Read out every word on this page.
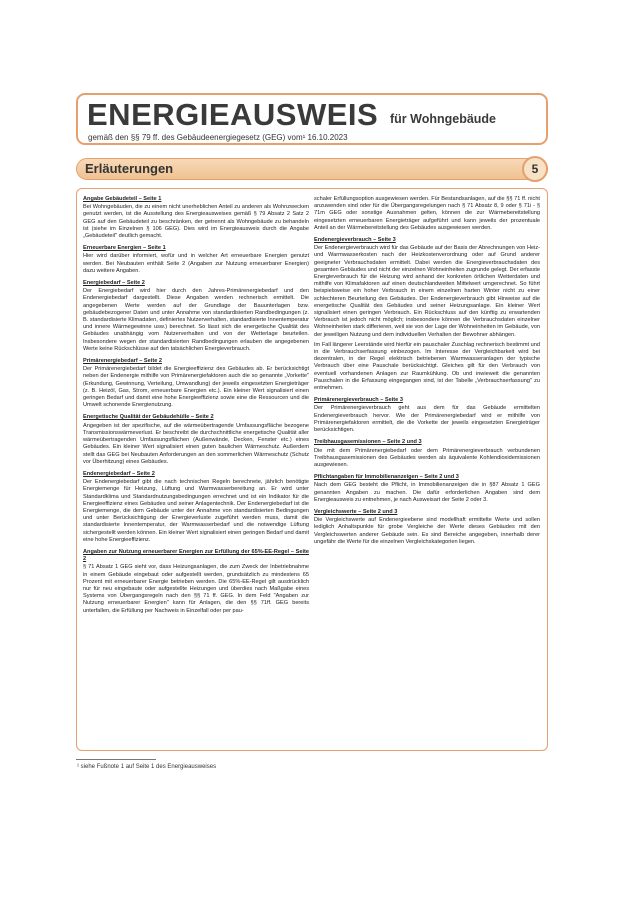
ENERGIEAUSWEIS für Wohngebäude
gemäß den §§ 79 ff. des Gebäudeenergiegesetz (GEG) vom¹ 16.10.2023
Erläuterungen	5
Angabe Gebäudeteil – Seite 1

Bei Wohngebäuden, die zu einem nicht unerheblichen Anteil zu anderen als Wohnzwecken genutzt werden, ist die Ausstellung des Energieausweises gemäß § 79 Absatz 2 Satz 2 GEG auf den Gebäudeteil zu beschränken, der getrennt als Wohngebäude zu behandeln ist (siehe im Einzelnen § 106 GEG). Dies wird im Energieausweis durch die Angabe „Gebäudeteil" deutlich gemacht.

Erneuerbare Energien – Seite 1

Hier wird darüber informiert, wofür und in welcher Art erneuerbare Energien genutzt werden. Bei Neubauten enthält Seite 2 (Angaben zur Nutzung erneuerbarer Energien) dazu weitere Angaben.

Energiebedarf – Seite 2

Der Energiebedarf wird hier durch den Jahres-Primärenergiebedarf und den Endenergiebedarf dargestellt. Diese Angaben werden rechnerisch ermittelt. Die angegebenen Werte werden auf der Grundlage der Bauunterlagen bzw. gebäudebezogener Daten und unter Annahme von standardisierten Randbedingungen (z. B. standardisierte Klimadaten, definiertes Nutzerverhalten, standardisierte Innentemperatur und innere Wärmegewinne usw.) berechnet. So lässt sich die energetische Qualität des Gebäudes unabhängig vom Nutzerverhalten und von der Wetterlage beurteilen. Insbesondere wegen der standardisierten Randbedingungen erlauben die angegebenen Werte keine Rückschlüsse auf den tatsächlichen Energieverbrauch.

Primärenergiebedarf – Seite 2

Der Primärenergiebedarf bildet die Energieeffizienz des Gebäudes ab. Er berücksichtigt neben der Endenergie mithilfe von Primärenergiefaktoren auch die so genannte „Vorkette" (Erkundung, Gewinnung, Verteilung, Umwandlung) der jeweils eingesetzten Energieträger (z. B. Heizöl, Gas, Strom, erneuerbare Energien etc.). Ein kleiner Wert signalisiert einen geringen Bedarf und damit eine hohe Energieeffizienz sowie eine die Ressourcen und die Umwelt schonende Energienutzung.

Energetische Qualität der Gebäudehülle – Seite 2

Angegeben ist der spezifische, auf die wärmeübertragende Umfassungsfläche bezogene Transmissionswärmeverlust. Er beschreibt die durchschnittliche energetische Qualität aller wärmeübertragenden Umfassungsflächen (Außenwände, Decken, Fenster etc.) eines Gebäudes. Ein kleiner Wert signalisiert einen guten baulichen Wärmeschutz. Außerdem stellt das GEG bei Neubauten Anforderungen an den sommerlichen Wärmeschutz (Schutz vor Überhitzung) eines Gebäudes.

Endenergiebedarf – Seite 2

Der Endenergiebedarf gibt die nach technischen Regeln berechnete, jährlich benötigte Energiemenge für Heizung, Lüftung und Warmwasserbereitung an. Er wird unter Standardklima und Standardnutzungsbedingungen errechnet und ist ein Indikator für die Energieeffizienz eines Gebäudes und seiner Anlagentechnik. Der Endenergiebedarf ist die Energiemenge, die dem Gebäude unter der Annahme von standardisierten Bedingungen und unter Berücksichtigung der Energieverluste zugeführt werden muss, damit die standardisierte Innentemperatur, der Warmwasserbedarf und die notwendige Lüftung sichergestellt werden können. Ein kleiner Wert signalisiert einen geringen Bedarf und damit eine hohe Energieeffizienz.

Angaben zur Nutzung erneuerbarer Energien zur Erfüllung der 65%-EE-Regel – Seite 2

§ 71 Absatz 1 GEG sieht vor, dass Heizungsanlagen, die zum Zweck der Inbetriebnahme in einem Gebäude eingebaut oder aufgestellt werden, grundsätzlich zu mindestens 65 Prozent mit erneuerbarer Energie betrieben werden. Die 65%-EE-Regel gilt ausdrücklich nur für neu eingebaute oder aufgestellte Heizungen und überdies nach Maßgabe eines Systems von Übergangsregeln nach den §§ 71 ff. GEG. In dem Feld "Angaben zur Nutzung erneuerbarer Energien" kann für Anlagen, die den §§ 71ff. GEG bereits unterfallen, die Erfüllung per Nachweis in Einzelfall oder per pau-

schaler Erfüllungsoption ausgewiesen werden. Für Bestandsanlagen, auf die §§ 71 ff. nicht anzuwenden sind oder für die Übergangsregelungen nach § 71 Absatz 8, 9 oder § 71i - § 71m GEG oder sonstige Ausnahmen gelten, können die zur Wärmebereitstellung eingesetzten erneuerbaren Energieträger aufgeführt und kann jeweils der prozentuale Anteil an der Wärmebereitstellung des Gebäudes ausgewiesen werden.

Endenergieverbrauch – Seite 3

Der Endenergieverbrauch wird für das Gebäude auf der Basis der Abrechnungen von Heiz- und Warmwasserkosten nach der Heizkostenverordnung oder auf Grund anderer geeigneter Verbrauchsdaten ermittelt. Dabei werden die Energieverbrauchsdaten des gesamten Gebäudes und nicht der einzelnen Wohneinheiten zugrunde gelegt. Der erfasste Energieverbrauch für die Heizung wird anhand der konkreten örtlichen Wetterdaten und mithilfe von Klimafaktoren auf einen deutschlandweiten Mittelwert umgerechnet. So führt beispielsweise ein hoher Verbrauch in einem einzelnen harten Winter nicht zu einer schlechteren Beurteilung des Gebäudes. Der Endenergieverbrauch gibt Hinweise auf die energetische Qualität des Gebäudes und seiner Heizungsanlage. Ein kleiner Wert signalisiert einen geringen Verbrauch. Ein Rückschluss auf den künftig zu erwartenden Verbrauch ist jedoch nicht möglich; insbesondere können die Verbrauchsdaten einzelner Wohneinheiten stark differieren, weil sie von der Lage der Wohneinheiten im Gebäude, von der jeweiligen Nutzung und dem individuellen Verhalten der Bewohner abhängen.

Im Fall längerer Leerstände wird hierfür ein pauschaler Zuschlag rechnerisch bestimmt und in die Verbrauchserfassung einbezogen. Im Interesse der Vergleichbarkeit wird bei dezentralen, in der Regel elektrisch betriebenen Warmwasseranlagen der typische Verbrauch über eine Pauschale berücksichtigt. Gleiches gilt für den Verbrauch von eventuell vorhandenen Anlagen zur Raumkühlung. Ob und inwieweit die genannten Pauschalen in die Erfassung eingegangen sind, ist der Tabelle „Verbrauchserfassung" zu entnehmen.

Primärenergieverbrauch – Seite 3

Der Primärenergieverbrauch geht aus dem für das Gebäude ermittelten Endenergieverbrauch hervor. Wie der Primärenergiebedarf wird er mithilfe von Primärenergiefaktoren ermittelt, die die Vorkette der jeweils eingesetzten Energieträger berücksichtigen.

Treibhausgasemissionen – Seite 2 und 3

Die mit dem Primärenergiebedarf oder dem Primärenergieverbrauch verbundenen Treibhausgasemissionen des Gebäudes werden als äquivalente Kohlendioxidemissionen ausgewiesen.

Pflichtangaben für Immobilienanzeigen – Seite 2 und 3

Nach dem GEG besteht die Pflicht, in Immobilienanzeigen die in §87 Absatz 1 GEG genannten Angaben zu machen. Die dafür erforderlichen Angaben sind dem Energieausweis zu entnehmen, je nach Ausweisart der Seite 2 oder 3.

Vergleichswerte – Seite 2 und 3

Die Vergleichswerte auf Endenergieebene sind modellhaft ermittelte Werte und sollen lediglich Anhaltspunkte für grobe Vergleiche der Werte dieses Gebäudes mit den Vergleichswerten anderer Gebäude sein. Es sind Bereiche angegeben, innerhalb derer ungefähr die Werte für die einzelnen Vergleichskategorien liegen.

¹ siehe Fußnote 1 auf Seite 1 des Energieausweises
